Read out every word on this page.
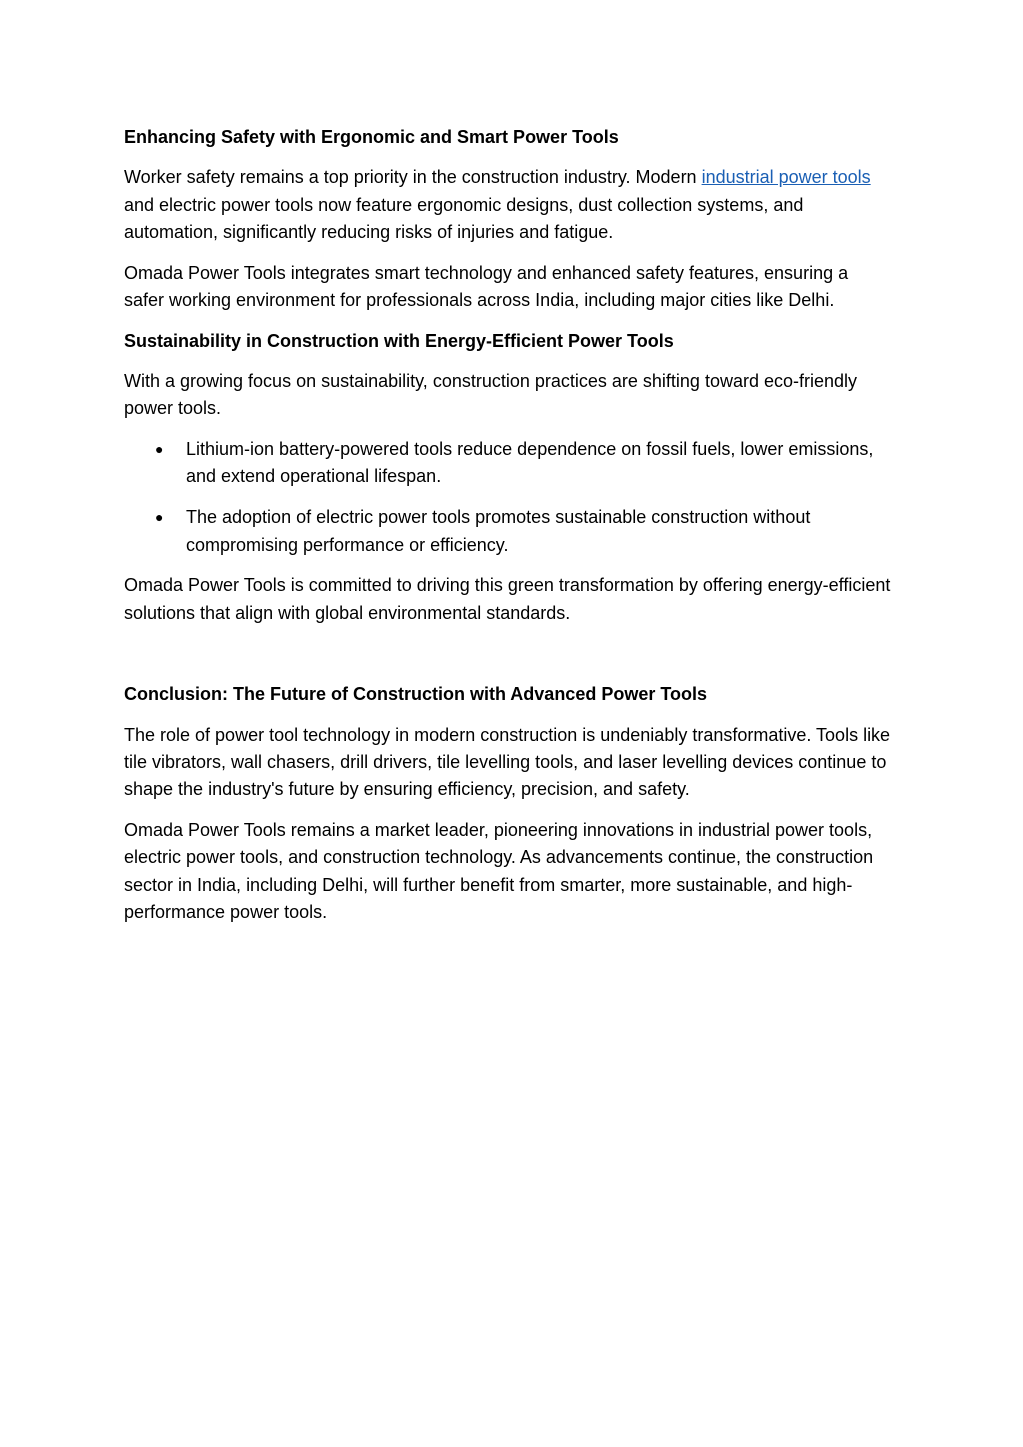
Enhancing Safety with Ergonomic and Smart Power Tools

Worker safety remains a top priority in the construction industry. Modern industrial power tools and electric power tools now feature ergonomic designs, dust collection systems, and automation, significantly reducing risks of injuries and fatigue.

Omada Power Tools integrates smart technology and enhanced safety features, ensuring a safer working environment for professionals across India, including major cities like Delhi.

Sustainability in Construction with Energy-Efficient Power Tools

With a growing focus on sustainability, construction practices are shifting toward eco-friendly power tools.

● Lithium-ion battery-powered tools reduce dependence on fossil fuels, lower emissions, and extend operational lifespan.
● The adoption of electric power tools promotes sustainable construction without compromising performance or efficiency.

Omada Power Tools is committed to driving this green transformation by offering energy-efficient solutions that align with global environmental standards.

Conclusion: The Future of Construction with Advanced Power Tools

The role of power tool technology in modern construction is undeniably transformative. Tools like tile vibrators, wall chasers, drill drivers, tile levelling tools, and laser levelling devices continue to shape the industry's future by ensuring efficiency, precision, and safety.

Omada Power Tools remains a market leader, pioneering innovations in industrial power tools, electric power tools, and construction technology. As advancements continue, the construction sector in India, including Delhi, will further benefit from smarter, more sustainable, and high-performance power tools.
